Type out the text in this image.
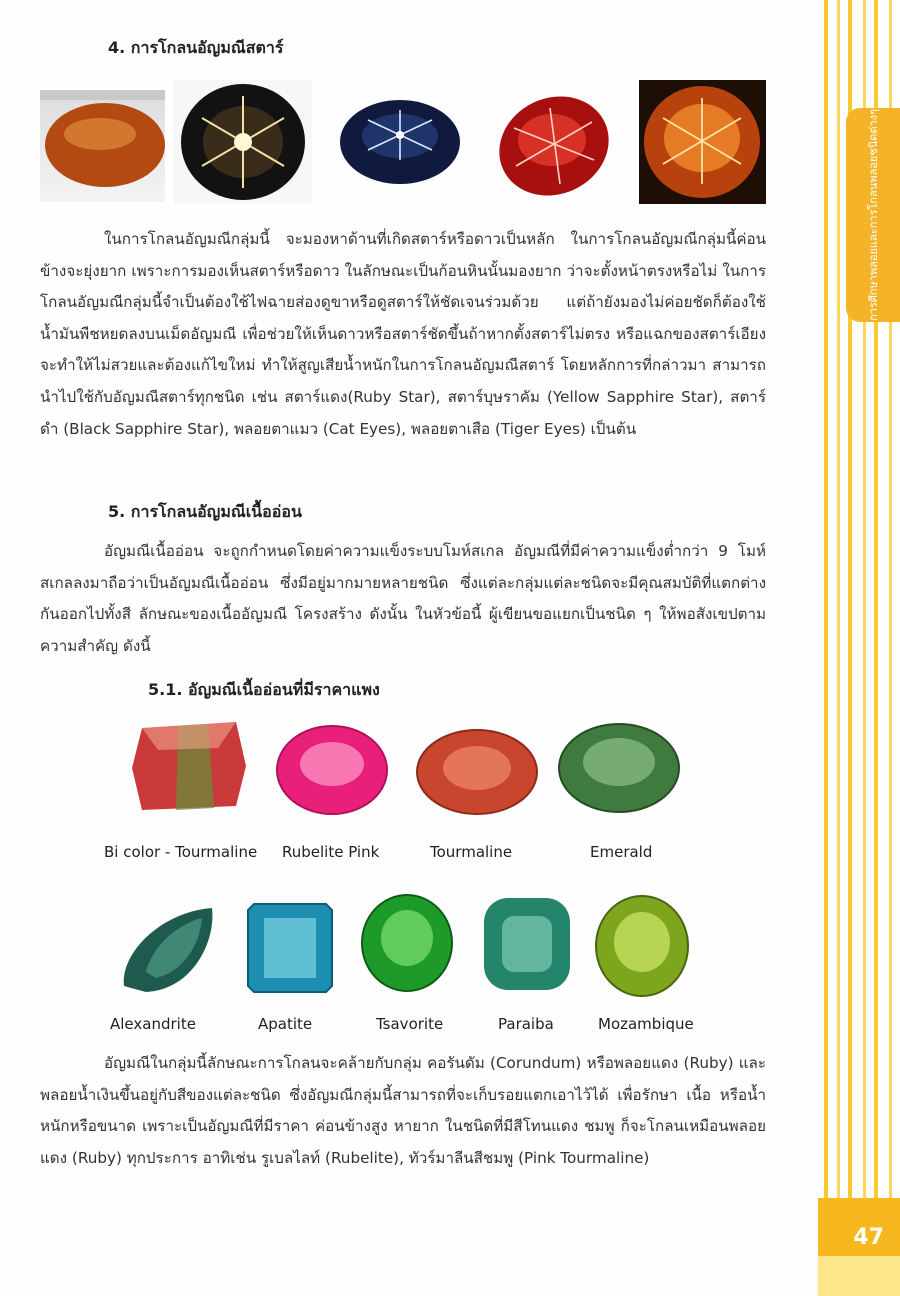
การศึกษาพลอยและการโกลนพลอยชนิดต่างๆ
47
4. การโกลนอัญมณีสตาร์

ในการโกลนอัญมณีกลุ่มนี้ จะมองหาด้านที่เกิดสตาร์หรือดาวเป็นหลัก ในการโกลนอัญมณีกลุ่มนี้ค่อนข้างจะยุ่งยาก เพราะการมองเห็นสตาร์หรือดาว ในลักษณะเป็นก้อนหินนั้นมองยาก ว่าจะตั้งหน้าตรงหรือไม่ ในการโกลนอัญมณีกลุ่มนี้จำเป็นต้องใช้ไฟฉายส่องดูขาหรือดูสตาร์ให้ชัดเจนร่วมด้วย แต่ถ้ายังมองไม่ค่อยชัดก็ต้องใช้น้ำมันพืชหยดลงบนเม็ดอัญมณี เพื่อช่วยให้เห็นดาวหรือสตาร์ชัดขึ้นถ้าหากตั้งสตาร์ไม่ตรง หรือแฉกของสตาร์เอียง จะทำให้ไม่สวยและต้องแก้ไขใหม่ ทำให้สูญเสียน้ำหนักในการโกลนอัญมณีสตาร์ โดยหลักการที่กล่าวมา สามารถนำไปใช้กับอัญมณีสตาร์ทุกชนิด เช่น สตาร์แดง(Ruby Star), สตาร์บุษราคัม (Yellow Sapphire Star), สตาร์ดำ (Black Sapphire Star), พลอยตาแมว (Cat Eyes), พลอยตาเสือ (Tiger Eyes) เป็นต้น

5. การโกลนอัญมณีเนื้ออ่อน

อัญมณีเนื้ออ่อน จะถูกกำหนดโดยค่าความแข็งระบบโมห์สเกล อัญมณีที่มีค่าความแข็งต่ำกว่า 9 โมห์สเกลลงมาถือว่าเป็นอัญมณีเนื้ออ่อน ซึ่งมีอยู่มากมายหลายชนิด ซึ่งแต่ละกลุ่มแต่ละชนิดจะมีคุณสมบัติที่แตกต่างกันออกไปทั้งสี ลักษณะของเนื้ออัญมณี โครงสร้าง ดังนั้น ในหัวข้อนี้ ผู้เขียนขอแยกเป็นชนิด ๆ ให้พอสังเขปตามความสำคัญ ดังนี้

5.1. อัญมณีเนื้ออ่อนที่มีราคาแพง
Bi color - Tourmaline Rubelite Pink	Tourmaline	Emerald
Alexandrite	Apatite	Tsavorite	Paraiba	Mozambique

อัญมณีในกลุ่มนี้ลักษณะการโกลนจะคล้ายกับกลุ่ม คอรันดัม (Corundum) หรือพลอยแดง (Ruby) และพลอยน้ำเงินขึ้นอยู่กับสีของแต่ละชนิด ซึ่งอัญมณีกลุ่มนี้สามารถที่จะเก็บรอยแตกเอาไว้ได้ เพื่อรักษา เนื้อ หรือน้ำหนักหรือขนาด เพราะเป็นอัญมณีที่มีราคา ค่อนข้างสูง หายาก ในชนิดที่มีสีโทนแดง ชมพู ก็จะโกลนเหมือนพลอยแดง (Ruby) ทุกประการ อาทิเช่น รูเบลไลท์ (Rubelite), ทัวร์มาลีนสีชมพู (Pink Tourmaline)
